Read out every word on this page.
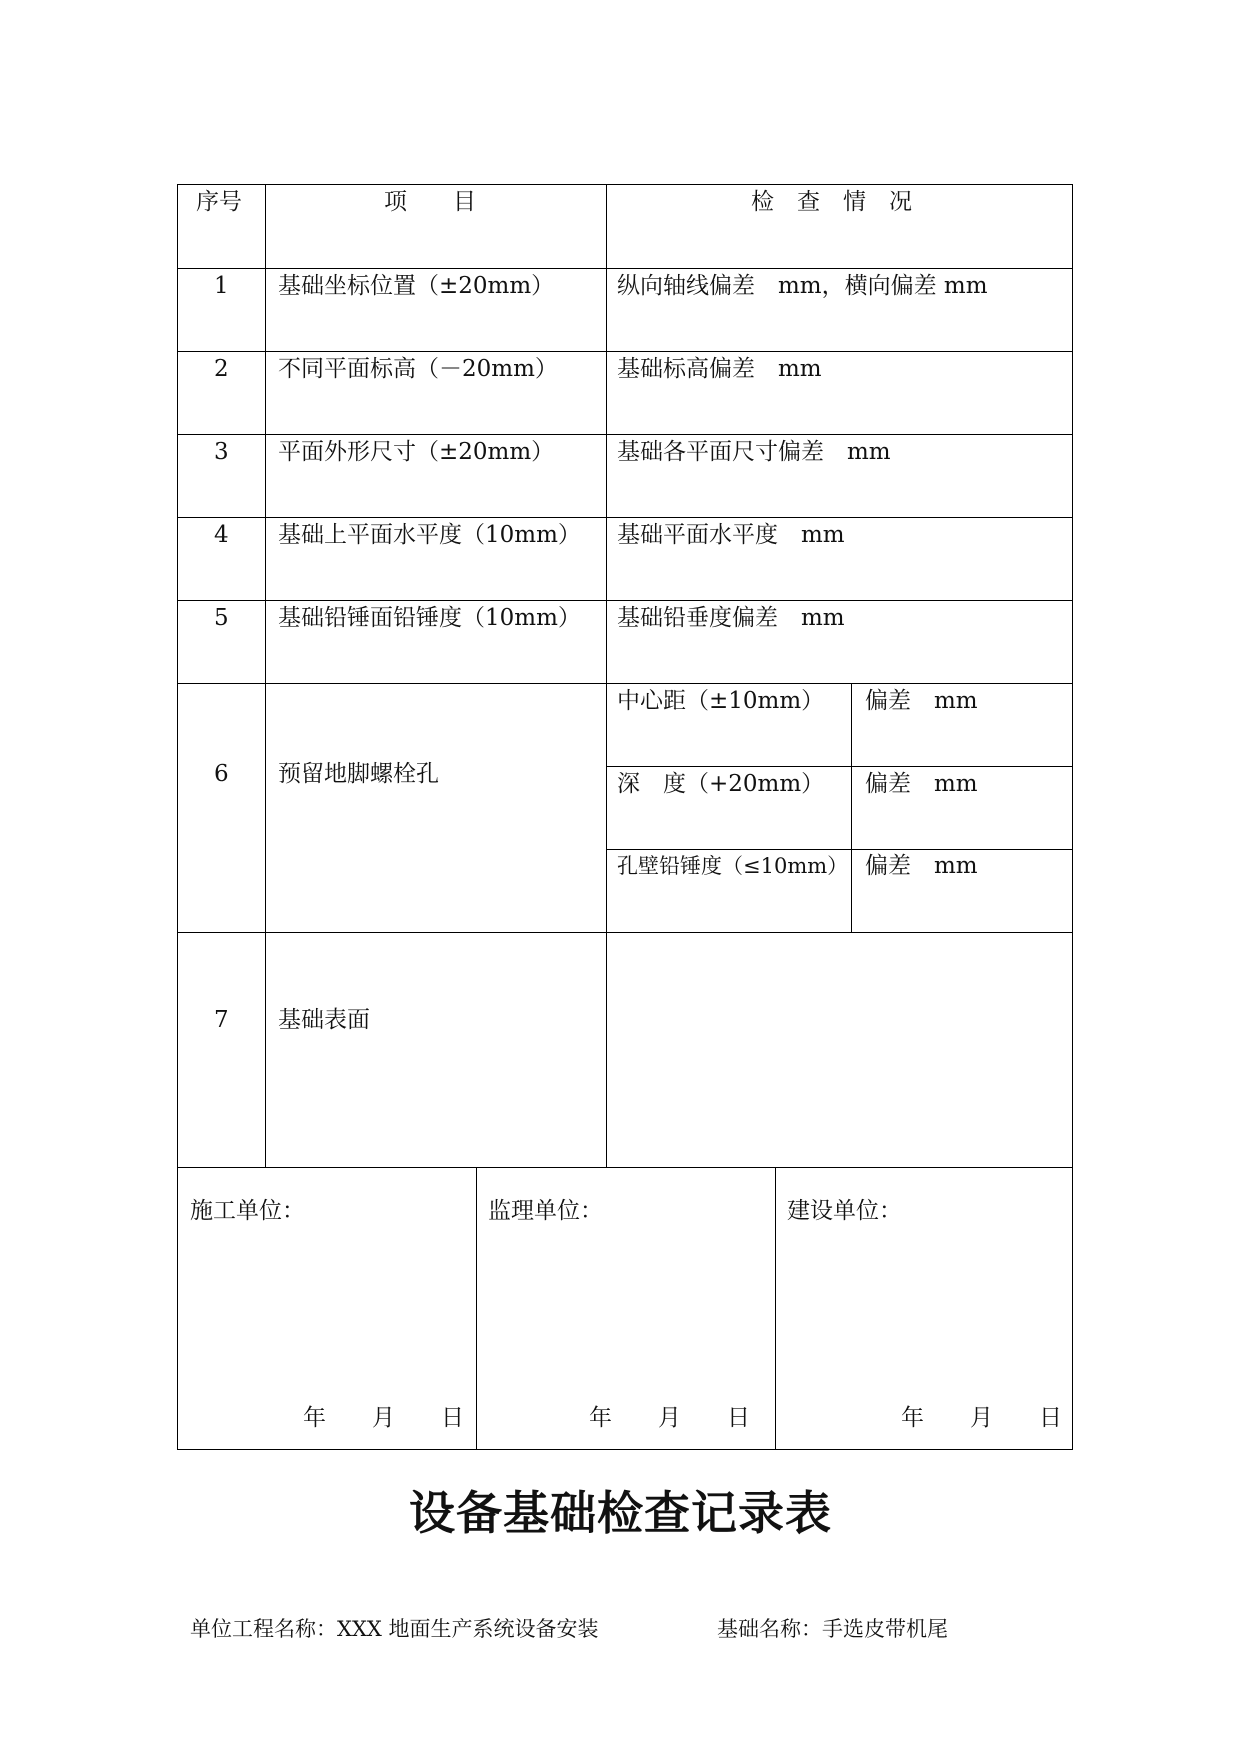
序号	项　　目	检　查　情　况
1 基础坐标位置（±20mm）	纵向轴线偏差　mm，横向偏差 mm
2 不同平面标高（－20mm）	基础标高偏差　mm
3 平面外形尺寸（±20mm）	基础各平面尺寸偏差　mm
4 基础上平面水平度（10mm） 基础平面水平度　mm
5 基础铅锤面铅锤度（10mm） 基础铅垂度偏差　mm
6 预留地脚螺栓孔
中心距（±10mm） 偏差　mm
深　度（+20mm） 偏差　mm
孔壁铅锤度（≤10mm） 偏差　mm
7 基础表面
施工单位：
年　　月　　日
监理单位：
年　　月　　日
建设单位：
年　　月　　日
设备基础检查记录表
单位工程名称：XXX 地面生产系统设备安装	基础名称：手选皮带机尾
